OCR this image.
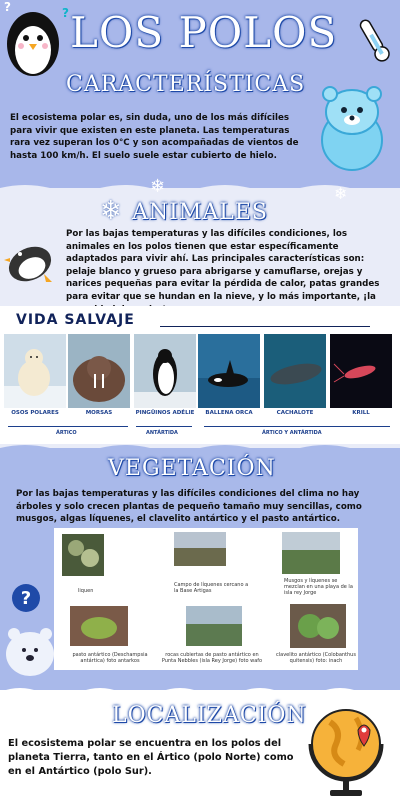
LOS POLOS
?	?
CARACTERÍSTICAS
El ecosistema polar es, sin duda, uno de los más difíciles para vivir que existen en este planeta. Las temperaturas rara vez superan los 0°C y son acompañadas de vientos de hasta 100 km/h. El suelo suele estar cubierto de hielo.
❄	❄
❄ ANIMALES
Por las bajas temperaturas y las difíciles condiciones, los animales en los polos tienen que estar específicamente adaptados para vivir ahí. Las principales características son: pelaje blanco y grueso para abrigarse y camuflarse, orejas y narices pequeñas para evitar la pérdida de calor, patas grandes para evitar que se hundan en la nieve, y lo más importante, ¡la
VIDA SALVAJE
OSOS POLARES	MORSAS	PINGÜINOS ADÉLIE	BALLENA ORCA	CACHALOTE	KRILL
ÁRTICO	ANTÁRTIDA	ÁRTICO Y ANTÁRTIDA
VEGETACIÓN
Por las bajas temperaturas y las difíciles condiciones del clima no hay árboles y solo crecen plantas de pequeño tamaño muy sencillas, como musgos, algas líquenes, el clavelito antártico y el pasto antártico.
liquen
Campo de líquenes cercano a la Base Artigas
Musgos y líquenes se mezclan en una playa de la isla rey Jorge
pasto antártico (Deschampsia antártica) foto antarkos
rocas cubiertas de pasto antártico en Punta Nebbles (isla Rey Jorge) foto wafo
clavelito antártico (Colobanthus quitensis) foto: inach
?
LOCALIZACIÓN
El ecosistema polar se encuentra en los polos del planeta Tierra, tanto en el Ártico (polo Norte) como en el Antártico (polo Sur).
